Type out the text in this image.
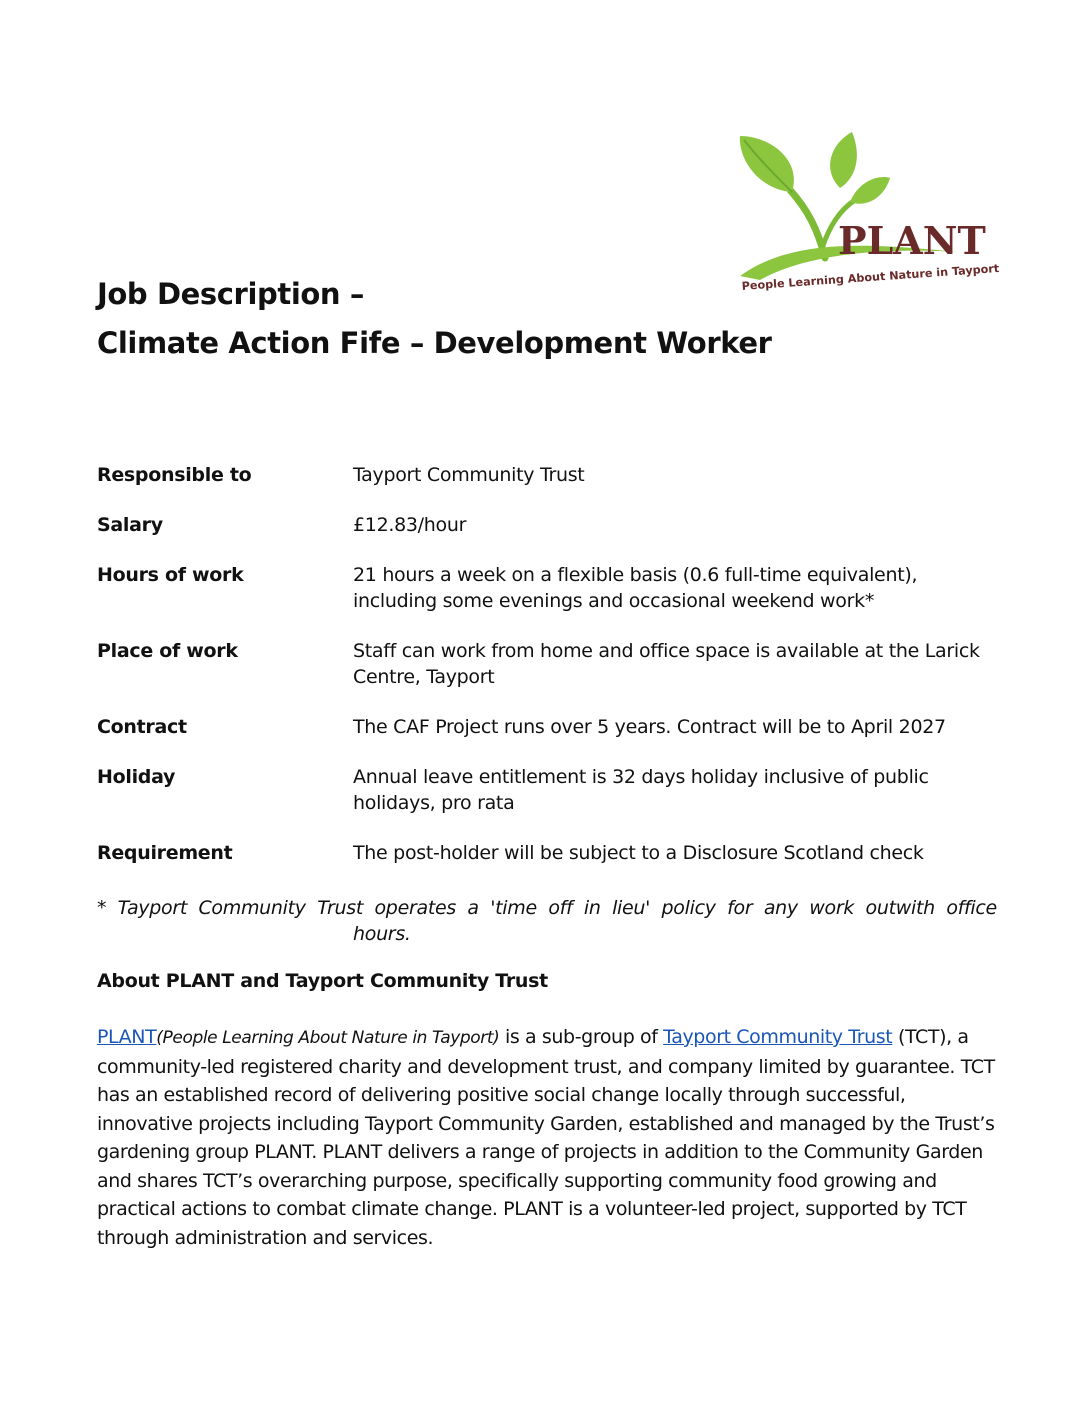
PLANT
People Learning About Nature in Tayport
Job Description –
Climate Action Fife – Development Worker
Responsible to	Tayport Community Trust
Salary	£12.83/hour
Hours of work	21 hours a week on a flexible basis (0.6 full-time equivalent), including some evenings and occasional weekend work*
Place of work	Staff can work from home and office space is available at the Larick Centre, Tayport
Contract	The CAF Project runs over 5 years. Contract will be to April 2027
Holiday	Annual leave entitlement is 32 days holiday inclusive of public holidays, pro rata
Requirement	The post-holder will be subject to a Disclosure Scotland check
* Tayport Community Trust operates a 'time off in lieu' policy for any work outwith office
hours.
About PLANT and Tayport Community Trust

PLANT(People Learning About Nature in Tayport) is a sub-group of Tayport Community Trust (TCT), a community-led registered charity and development trust, and company limited by guarantee. TCT has an established record of delivering positive social change locally through successful, innovative projects including Tayport Community Garden, established and managed by the Trust’s gardening group PLANT. PLANT delivers a range of projects in addition to the Community Garden and shares TCT’s overarching purpose, specifically supporting community food growing and practical actions to combat climate change. PLANT is a volunteer-led project, supported by TCT through administration and services.
